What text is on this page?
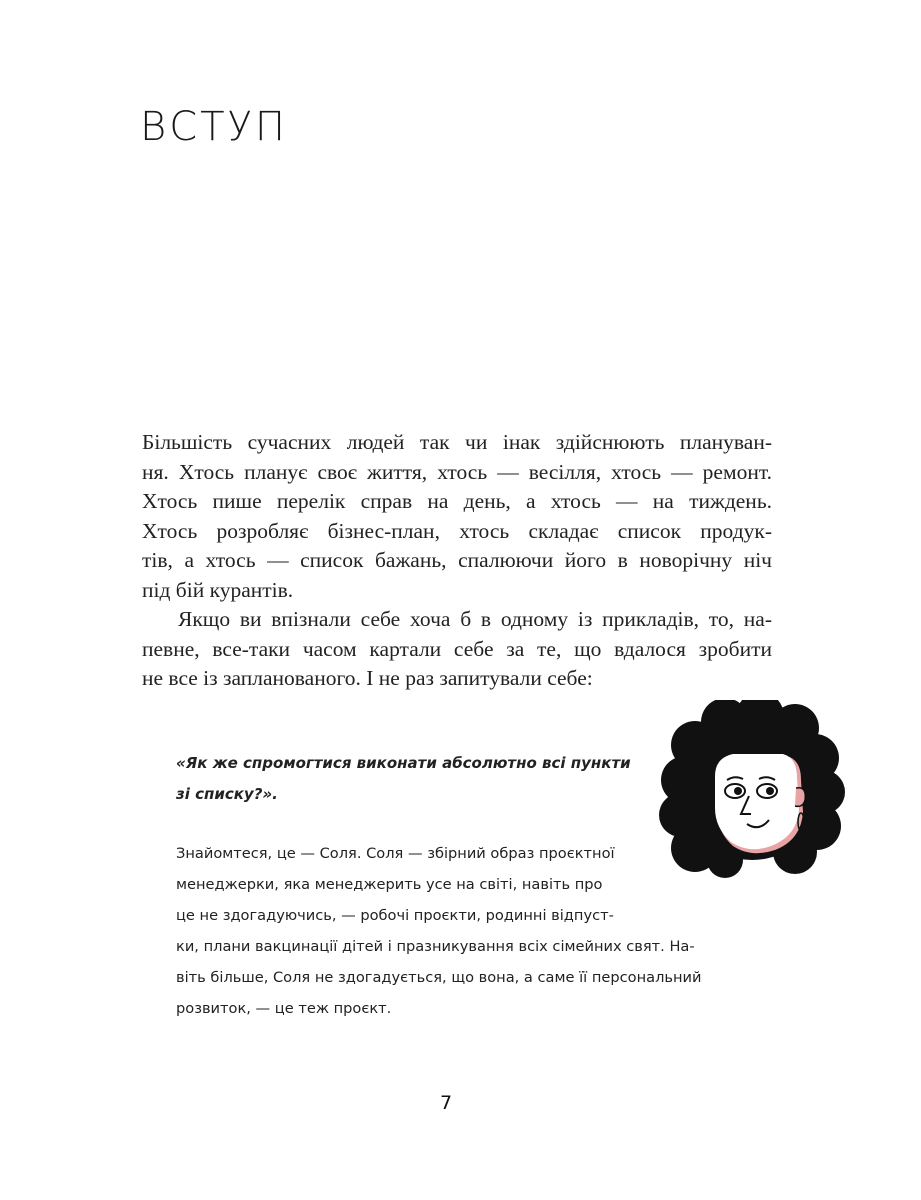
ВСТУП

Більшість сучасних людей так чи інак здійснюють плануван-
ня. Хтось планує своє життя, хтось — весілля, хтось — ремонт.
Хтось пише перелік справ на день, а хтось — на тиждень.
Хтось розробляє бізнес-план, хтось складає список продук-
тів, а хтось — список бажань, спалюючи його в новорічну ніч
під бій курантів.

Якщо ви впізнали себе хоча б в одному із прикладів, то, на-
певне, все-таки часом картали себе за те, що вдалося зробити
не все із запланованого. І не раз запитували себе:

«Як же спромогтися виконати абсолютно всі пункти
зі списку?».
Знайомтеся, це — Соля. Соля — збірний образ проєктної
менеджерки, яка менеджерить усе на світі, навіть про
це не здогадуючись, — робочі проєкти, родинні відпуст-
ки, плани вакцинації дітей і празникування всіх сімейних свят. На-
віть більше, Соля не здогадується, що вона, а саме її персональний
розвиток, — це теж проєкт.
7
